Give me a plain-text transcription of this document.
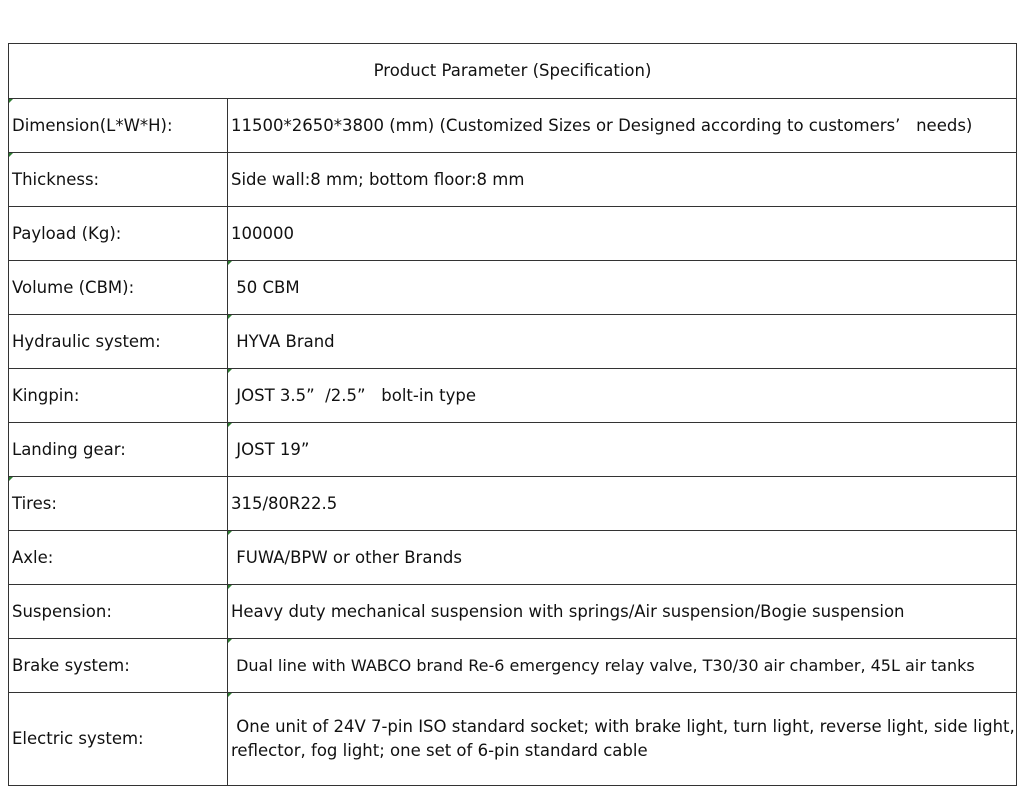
Product Parameter (Specification)	

Dimension(L*W*H):	11500*2650*3800 (mm) (Customized Sizes or Designed according to customers’   needs)

Thickness:	Side wall:8 mm; bottom floor:8 mm
Payload (Kg):	100000
Volume (CBM):	50 CBM
Hydraulic system:	HYVA Brand
Kingpin:	JOST 3.5”  /2.5”   bolt-in type
Landing gear:	JOST 19”

Tires:	315/80R22.5
Axle:	FUWA/BPW or other Brands
Suspension:	Heavy duty mechanical suspension with springs/Air suspension/Bogie suspension
Brake system:	Dual line with WABCO brand Re-6 emergency relay valve, T30/30 air chamber, 45L air tanks
Electric system:	One unit of 24V 7-pin ISO standard socket; with brake light, turn light, reverse light, side light, reflector, fog light; one set of 6-pin standard cable
